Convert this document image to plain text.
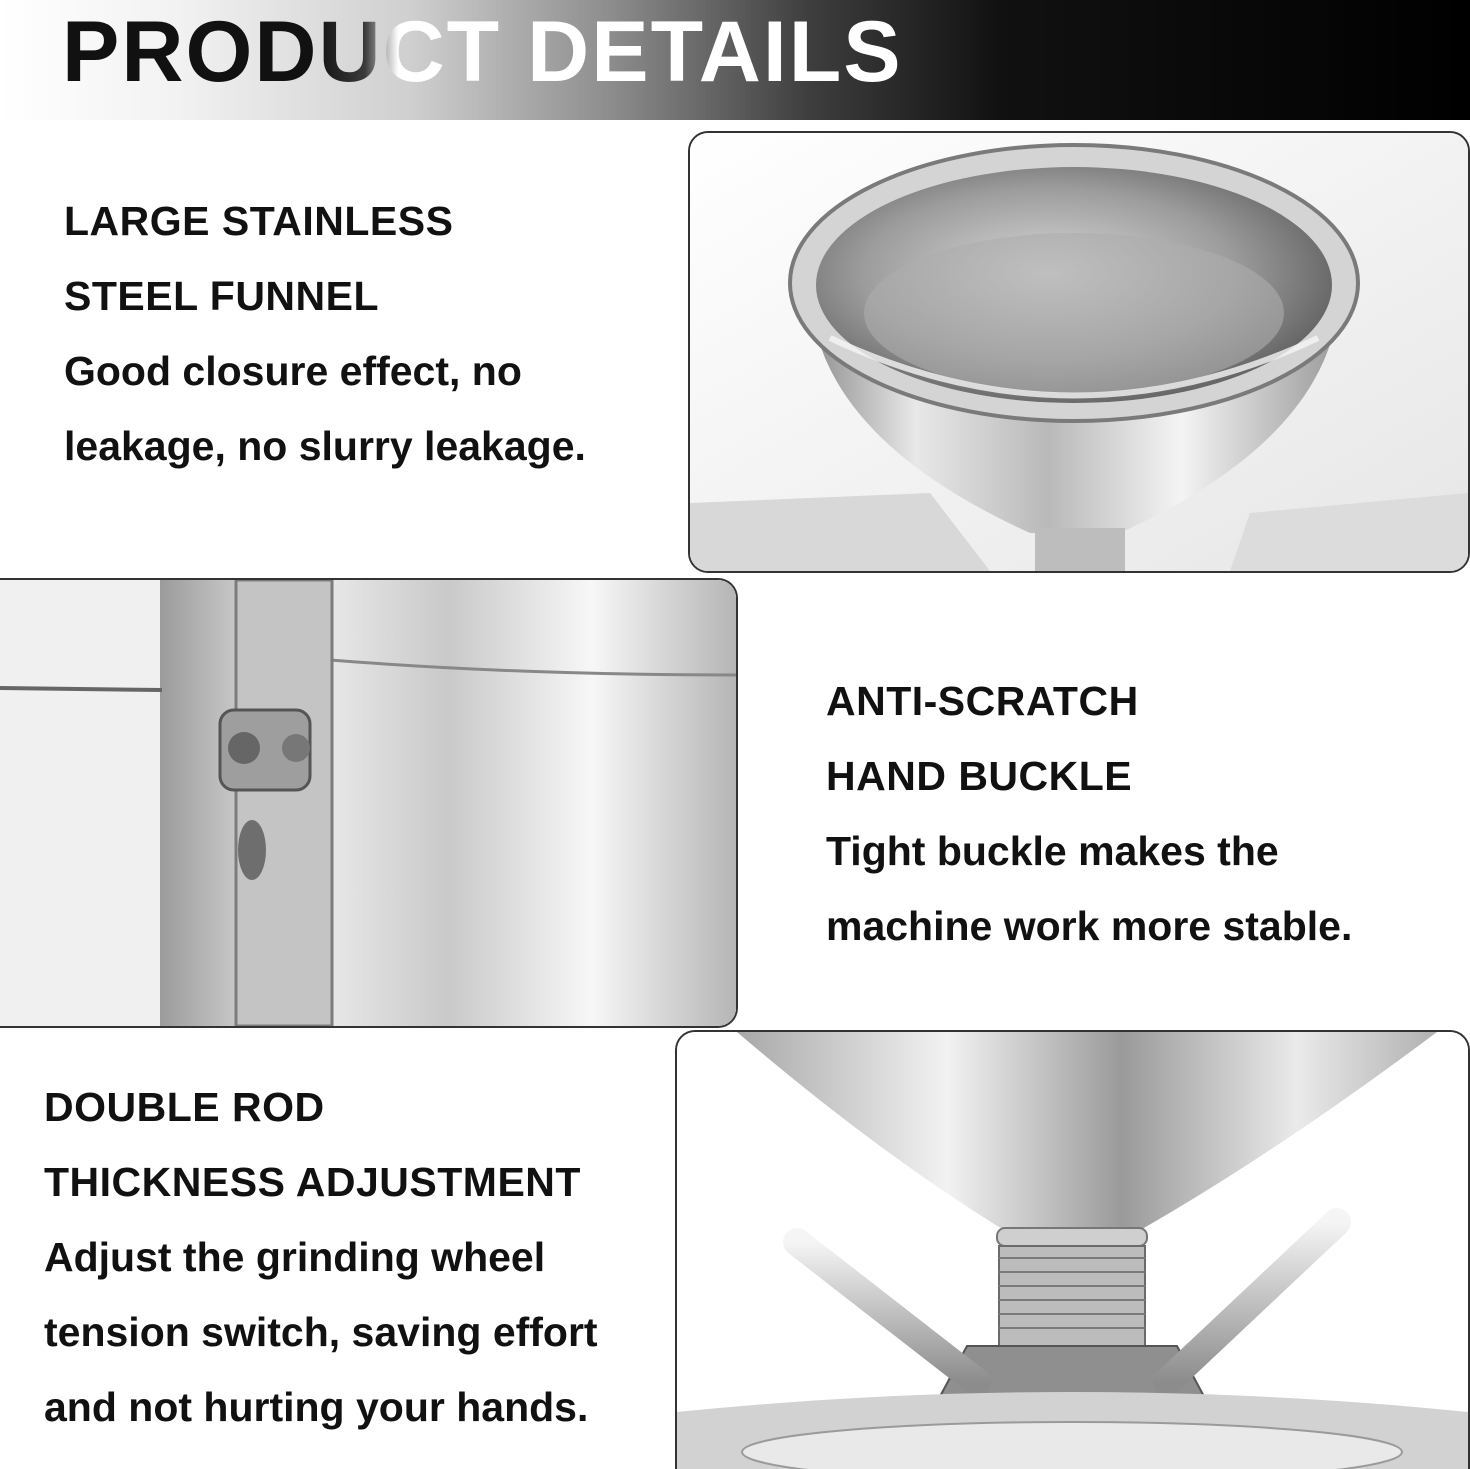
PRODUCT DETAILS
LARGE STAINLESS
STEEL FUNNEL
Good closure effect, no
leakage, no slurry leakage.
ANTI-SCRATCH
HAND BUCKLE
Tight buckle makes the
machine work more stable.
DOUBLE ROD
THICKNESS ADJUSTMENT
Adjust the grinding wheel
tension switch, saving effort
and not hurting your hands.
